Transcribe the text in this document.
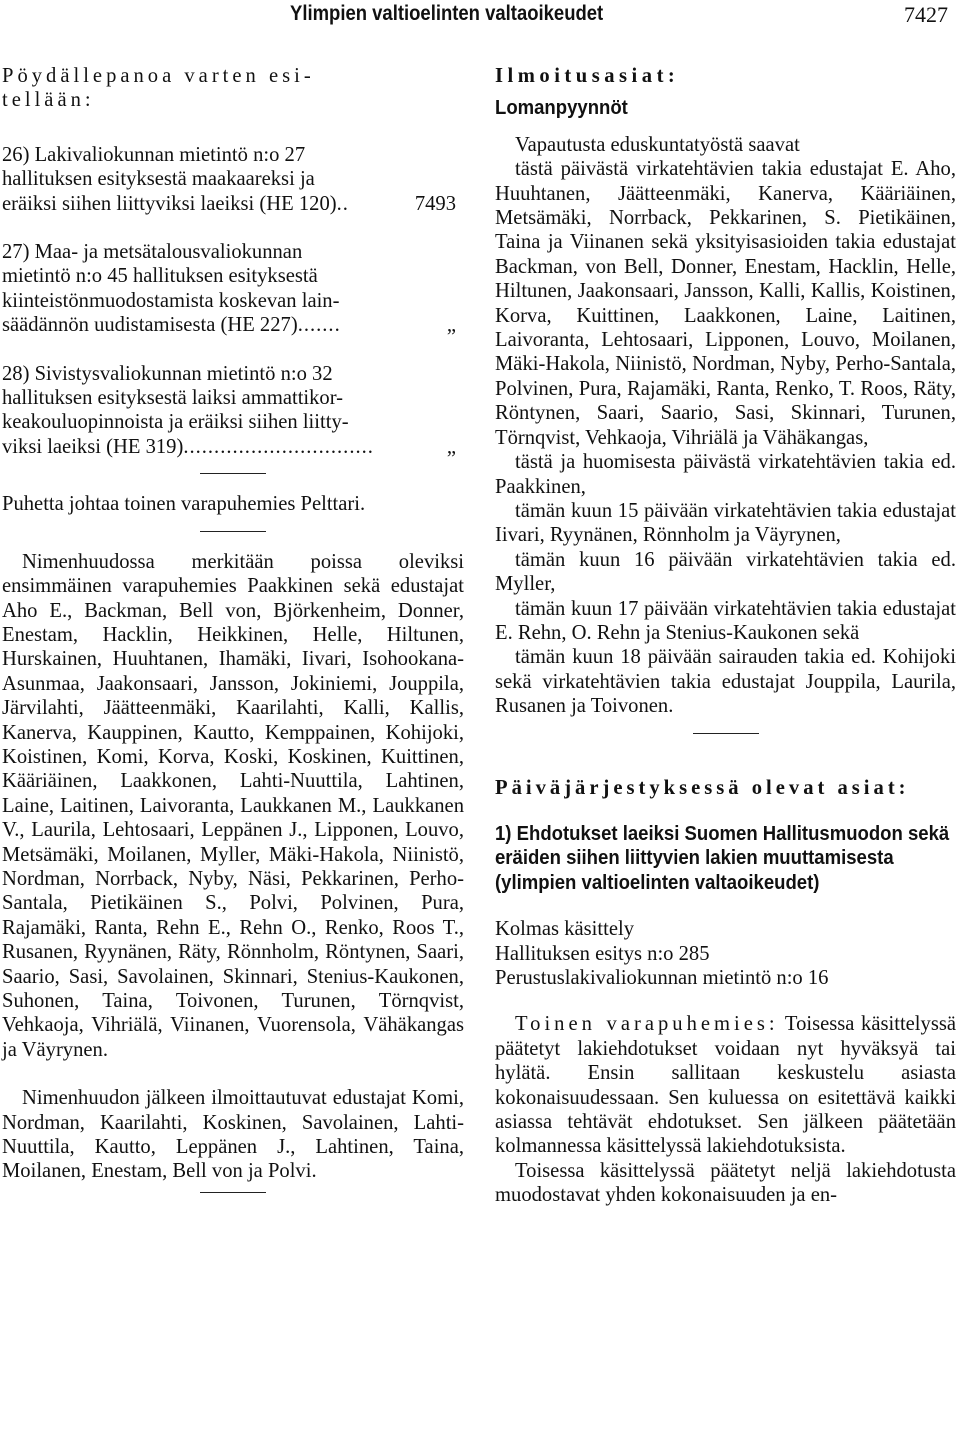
Ylimpien valtioelinten valtaoikeudet	7427

Pöydällepanoa varten esi-
tellään:

26) Lakivaliokunnan mietintö n:o 27

hallituksen esityksestä maakaareksi ja

eräiksi siihen liittyviksi laeiksi (HE 120) ..	7493

27) Maa- ja metsätalousvaliokunnan

mietintö n:o 45 hallituksen esityksestä

kiinteistönmuodostamista koskevan lain-

säädännön uudistamisesta (HE 227) .......	„

28) Sivistysvaliokunnan mietintö n:o 32

hallituksen esityksestä laiksi ammattikor-

keakouluopinnoista ja eräiksi siihen liitty-

viksi laeiksi (HE 319) ...............................	„

Puhetta johtaa toinen varapuhemies Pelttari.

Nimenhuudossa merkitään poissa oleviksi ensimmäinen varapuhemies Paakkinen sekä edustajat Aho E., Backman, Bell von, Björkenheim, Donner, Enestam, Hacklin, Heikkinen, Helle, Hiltunen, Hurskainen, Huuhtanen, Ihamäki, Iivari, Isohookana-Asunmaa, Jaakonsaari, Jansson, Jokiniemi, Jouppila, Järvilahti, Jäätteenmäki, Kaarilahti, Kalli, Kallis, Kanerva, Kauppinen, Kautto, Kemppainen, Kohijoki, Koistinen, Komi, Korva, Koski, Koskinen, Kuittinen, Kääriäinen, Laakkonen, Lahti-Nuuttila, Lahtinen, Laine, Laitinen, Laivoranta, Laukkanen M., Laukkanen V., Laurila, Lehtosaari, Leppänen J., Lipponen, Louvo, Metsämäki, Moilanen, Myller, Mäki-Hakola, Niinistö, Nordman, Norrback, Nyby, Näsi, Pekkarinen, Perho-Santala, Pietikäinen S., Polvi, Polvinen, Pura, Rajamäki, Ranta, Rehn E., Rehn O., Renko, Roos T., Rusanen, Ryynänen, Räty, Rönnholm, Röntynen, Saari, Saario, Sasi, Savolainen, Skinnari, Stenius-Kaukonen, Suhonen, Taina, Toivonen, Turunen, Törnqvist, Vehkaoja, Vihriälä, Viinanen, Vuorensola, Vähäkangas ja Väyrynen.

Nimenhuudon jälkeen ilmoittautuvat edustajat Komi, Nordman, Kaarilahti, Koskinen, Savolainen, Lahti-Nuuttila, Kautto, Leppänen J., Lahtinen, Taina, Moilanen, Enestam, Bell von ja Polvi.

Ilmoitusasiat:

Lomanpyynnöt

Vapautusta eduskuntatyöstä saavat

tästä päivästä virkatehtävien takia edustajat E. Aho, Huuhtanen, Jäätteenmäki, Kanerva, Kääriäinen, Metsämäki, Norrback, Pekkarinen, S. Pietikäinen, Taina ja Viinanen sekä yksityisasioiden takia edustajat Backman, von Bell, Donner, Enestam, Hacklin, Helle, Hiltunen, Jaakonsaari, Jansson, Kalli, Kallis, Koistinen, Korva, Kuittinen, Laakkonen, Laine, Laitinen, Laivoranta, Lehtosaari, Lipponen, Louvo, Moilanen, Mäki-Hakola, Niinistö, Nordman, Nyby, Perho-Santala, Polvinen, Pura, Rajamäki, Ranta, Renko, T. Roos, Räty, Röntynen, Saari, Saario, Sasi, Skinnari, Turunen, Törnqvist, Vehkaoja, Vihriälä ja Vähäkangas,

tästä ja huomisesta päivästä virkatehtävien takia ed. Paakkinen,

tämän kuun 15 päivään virkatehtävien takia edustajat Iivari, Ryynänen, Rönnholm ja Väyrynen,

tämän kuun 16 päivään virkatehtävien takia ed. Myller,

tämän kuun 17 päivään virkatehtävien takia edustajat E. Rehn, O. Rehn ja Stenius-Kaukonen sekä

tämän kuun 18 päivään sairauden takia ed. Kohijoki sekä virkatehtävien takia edustajat Jouppila, Laurila, Rusanen ja Toivonen.

Päiväjärjestyksessä olevat asiat:

1) Ehdotukset laeiksi Suomen Hallitusmuodon sekä eräiden siihen liittyvien lakien muuttamisesta (ylimpien valtioelinten valtaoikeudet)

Kolmas käsittely

Hallituksen esitys n:o 285

Perustuslakivaliokunnan mietintö n:o 16

Toinen varapuhemies: Toisessa käsittelyssä päätetyt lakiehdotukset voidaan nyt hyväksyä tai hylätä. Ensin sallitaan keskustelu asiasta kokonaisuudessaan. Sen kuluessa on esitettävä kaikki asiassa tehtävät ehdotukset. Sen jälkeen päätetään kolmannessa käsittelyssä lakiehdotuksista.

Toisessa käsittelyssä päätetyt neljä lakiehdotusta muodostavat yhden kokonaisuuden ja en-
